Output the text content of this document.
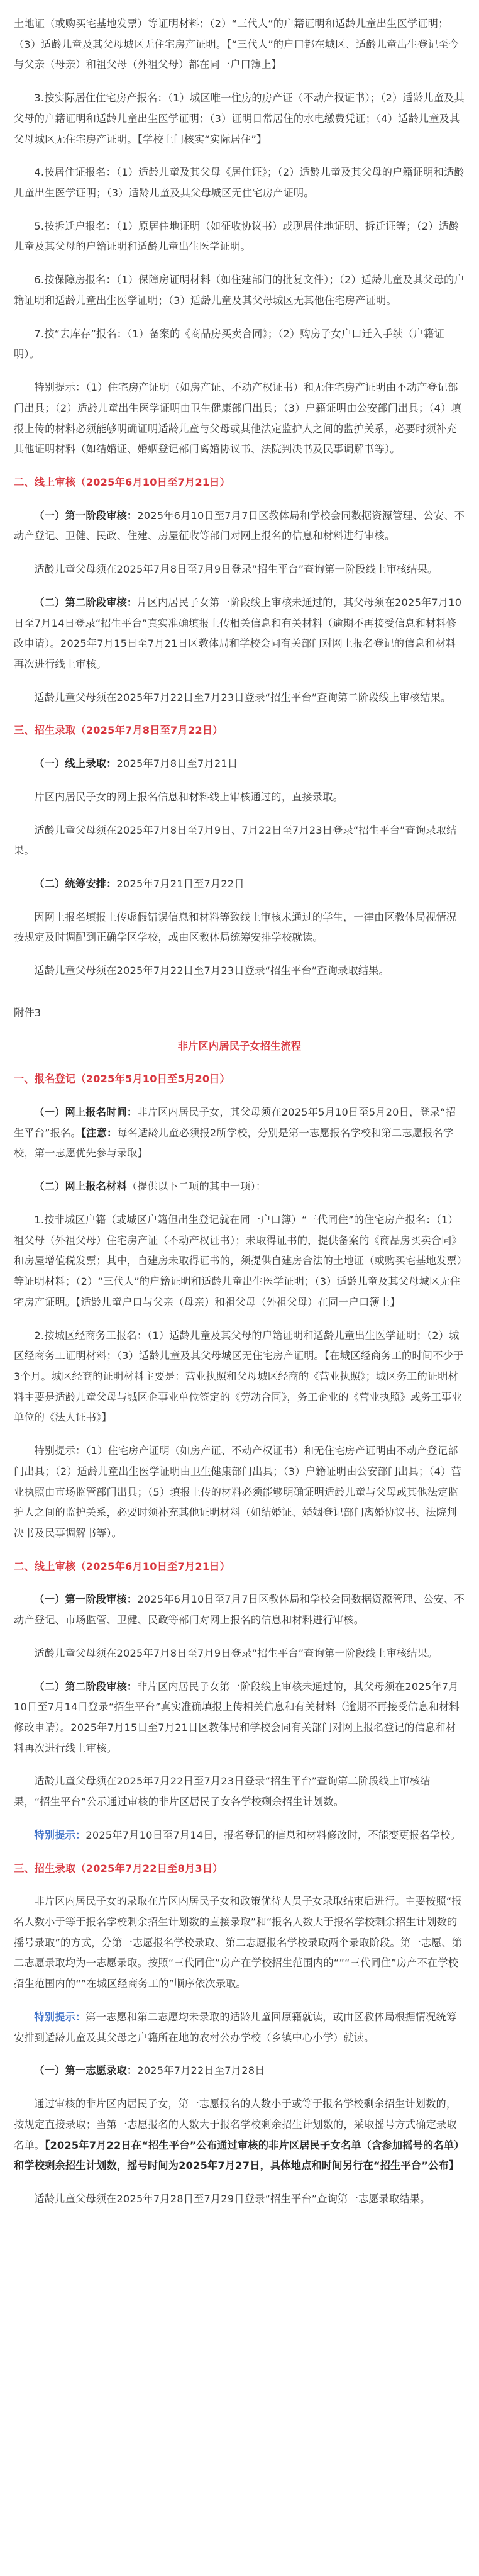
土地证（或购买宅基地发票）等证明材料；（2）“三代人”的户籍证明和适龄儿童出生医学证明；（3）适龄儿童及其父母城区无住宅房产证明。【“三代人”的户口都在城区、适龄儿童出生登记至今与父亲（母亲）和祖父母（外祖父母）都在同一户口簿上】

3.按实际居住住宅房产报名：（1）城区唯一住房的房产证（不动产权证书）；（2）适龄儿童及其父母的户籍证明和适龄儿童出生医学证明；（3）证明日常居住的水电缴费凭证；（4）适龄儿童及其父母城区无住宅房产证明。【学校上门核实“实际居住”】

4.按居住证报名：（1）适龄儿童及其父母《居住证》；（2）适龄儿童及其父母的户籍证明和适龄儿童出生医学证明；（3）适龄儿童及其父母城区无住宅房产证明。

5.按拆迁户报名：（1）原居住地证明（如征收协议书）或现居住地证明、拆迁证等；（2）适龄儿童及其父母的户籍证明和适龄儿童出生医学证明。

6.按保障房报名：（1）保障房证明材料（如住建部门的批复文件）；（2）适龄儿童及其父母的户籍证明和适龄儿童出生医学证明；（3）适龄儿童及其父母城区无其他住宅房产证明。

7.按“去库存”报名：（1）备案的《商品房买卖合同》；（2）购房子女户口迁入手续（户籍证明）。

特别提示：（1）住宅房产证明（如房产证、不动产权证书）和无住宅房产证明由不动产登记部门出具；（2）适龄儿童出生医学证明由卫生健康部门出具；（3）户籍证明由公安部门出具；（4）填报上传的材料必须能够明确证明适龄儿童与父母或其他法定监护人之间的监护关系，必要时须补充其他证明材料（如结婚证、婚姻登记部门离婚协议书、法院判决书及民事调解书等）。

二、线上审核（2025年6月10日至7月21日）

（一）第一阶段审核：2025年6月10日至7月7日区教体局和学校会同数据资源管理、公安、不动产登记、卫健、民政、住建、房屋征收等部门对网上报名的信息和材料进行审核。

适龄儿童父母须在2025年7月8日至7月9日登录“招生平台”查询第一阶段线上审核结果。

（二）第二阶段审核：片区内居民子女第一阶段线上审核未通过的，其父母须在2025年7月10日至7月14日登录“招生平台”真实准确填报上传相关信息和有关材料（逾期不再接受信息和材料修改申请）。2025年7月15日至7月21日区教体局和学校会同有关部门对网上报名登记的信息和材料再次进行线上审核。

适龄儿童父母须在2025年7月22日至7月23日登录“招生平台”查询第二阶段线上审核结果。

三、招生录取（2025年7月8日至7月22日）

（一）线上录取：2025年7月8日至7月21日

片区内居民子女的网上报名信息和材料线上审核通过的，直接录取。

适龄儿童父母须在2025年7月8日至7月9日、7月22日至7月23日登录“招生平台”查询录取结果。

（二）统筹安排：2025年7月21日至7月22日

因网上报名填报上传虚假错误信息和材料等致线上审核未通过的学生，一律由区教体局视情况按规定及时调配到正确学区学校，或由区教体局统筹安排学校就读。

适龄儿童父母须在2025年7月22日至7月23日登录“招生平台”查询录取结果。

附件3

非片区内居民子女招生流程

一、报名登记（2025年5月10日至5月20日）

（一）网上报名时间：非片区内居民子女，其父母须在2025年5月10日至5月20日，登录“招生平台”报名。【注意：每名适龄儿童必须报2所学校，分别是第一志愿报名学校和第二志愿报名学校，第一志愿优先参与录取】

（二）网上报名材料（提供以下二项的其中一项）：

1.按非城区户籍（或城区户籍但出生登记就在同一户口簿）“三代同住”的住宅房产报名：（1）祖父母（外祖父母）住宅房产证（不动产权证书）；未取得证书的，提供备案的《商品房买卖合同》和房屋增值税发票；其中，自建房未取得证书的，须提供自建房合法的土地证（或购买宅基地发票）等证明材料；（2）“三代人”的户籍证明和适龄儿童出生医学证明；（3）适龄儿童及其父母城区无住宅房产证明。【适龄儿童户口与父亲（母亲）和祖父母（外祖父母）在同一户口簿上】

2.按城区经商务工报名：（1）适龄儿童及其父母的户籍证明和适龄儿童出生医学证明；（2）城区经商务工证明材料；（3）适龄儿童及其父母城区无住宅房产证明。【在城区经商务工的时间不少于3个月。城区经商的证明材料主要是：营业执照和父母城区经商的《营业执照》；城区务工的证明材料主要是适龄儿童父母与城区企事业单位签定的《劳动合同》，务工企业的《营业执照》或务工事业单位的《法人证书》】

特别提示：（1）住宅房产证明（如房产证、不动产权证书）和无住宅房产证明由不动产登记部门出具；（2）适龄儿童出生医学证明由卫生健康部门出具；（3）户籍证明由公安部门出具；（4）营业执照由市场监管部门出具；（5）填报上传的材料必须能够明确证明适龄儿童与父母或其他法定监护人之间的监护关系，必要时须补充其他证明材料（如结婚证、婚姻登记部门离婚协议书、法院判决书及民事调解书等）。

二、线上审核（2025年6月10日至7月21日）

（一）第一阶段审核：2025年6月10日至7月7日区教体局和学校会同数据资源管理、公安、不动产登记、市场监管、卫健、民政等部门对网上报名的信息和材料进行审核。

适龄儿童父母须在2025年7月8日至7月9日登录“招生平台”查询第一阶段线上审核结果。

（二）第二阶段审核：非片区内居民子女第一阶段线上审核未通过的，其父母须在2025年7月10日至7月14日登录“招生平台”真实准确填报上传相关信息和有关材料（逾期不再接受信息和材料修改申请）。2025年7月15日至7月21日区教体局和学校会同有关部门对网上报名登记的信息和材料再次进行线上审核。

适龄儿童父母须在2025年7月22日至7月23日登录“招生平台”查询第二阶段线上审核结果，“招生平台”公示通过审核的非片区居民子女各学校剩余招生计划数。

特别提示：2025年7月10日至7月14日，报名登记的信息和材料修改时，不能变更报名学校。

三、招生录取（2025年7月22日至8月3日）

非片区内居民子女的录取在片区内居民子女和政策优待人员子女录取结束后进行。主要按照“报名人数小于等于报名学校剩余招生计划数的直接录取”和“报名人数大于报名学校剩余招生计划数的摇号录取”的方式，分第一志愿报名学校录取、第二志愿报名学校录取两个录取阶段。第一志愿、第二志愿录取均为一志愿录取。按照“三代同住”房产在学校招生范围内的“”“三代同住”房产不在学校招生范围内的“”在城区经商务工的”顺序依次录取。

特别提示：第一志愿和第二志愿均未录取的适龄儿童回原籍就读，或由区教体局根据情况统筹安排到适龄儿童及其父母之户籍所在地的农村公办学校（乡镇中心小学）就读。

（一）第一志愿录取：2025年7月22日至7月28日

通过审核的非片区内居民子女，第一志愿报名的人数小于或等于报名学校剩余招生计划数的，按规定直接录取；当第一志愿报名的人数大于报名学校剩余招生计划数的，采取摇号方式确定录取名单。【2025年7月22日在“招生平台”公布通过审核的非片区居民子女名单（含参加摇号的名单）和学校剩余招生计划数，摇号时间为2025年7月27日，具体地点和时间另行在“招生平台”公布】

适龄儿童父母须在2025年7月28日至7月29日登录“招生平台”查询第一志愿录取结果。
